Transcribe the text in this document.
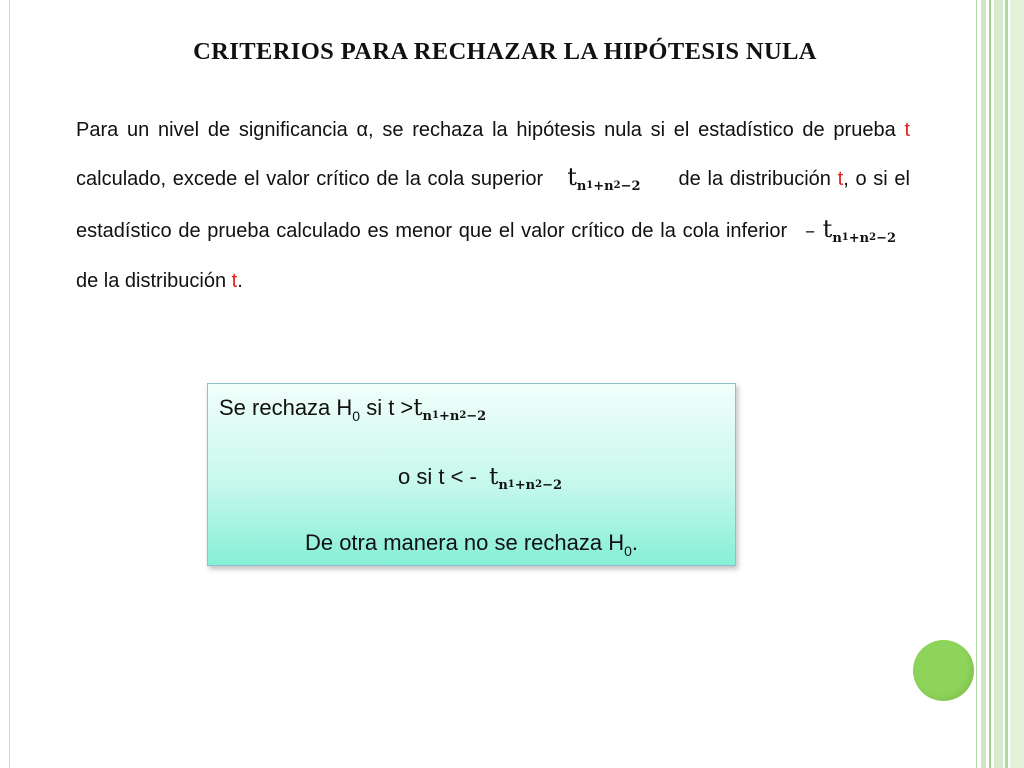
CRITERIOS PARA RECHAZAR LA HIPÓTESIS NULA
Para un nivel de significancia α, se rechaza la hipótesis nula si el estadístico de prueba t calculado, excede el valor crítico de la cola superior $t_n1_{+n}2_{-2}$ de la distribución t, o si el estadístico de prueba calculado es menor que el valor crítico de la cola inferior – $t_n1_{+n}2_{-2}$ de la distribución t.
Se rechaza $H_0$ si $t >t_n1_{+n}2_{-2}$
o si t < - $t_n1_{+n}2_{-2}$
De otra manera no se rechaza $H_0$.
